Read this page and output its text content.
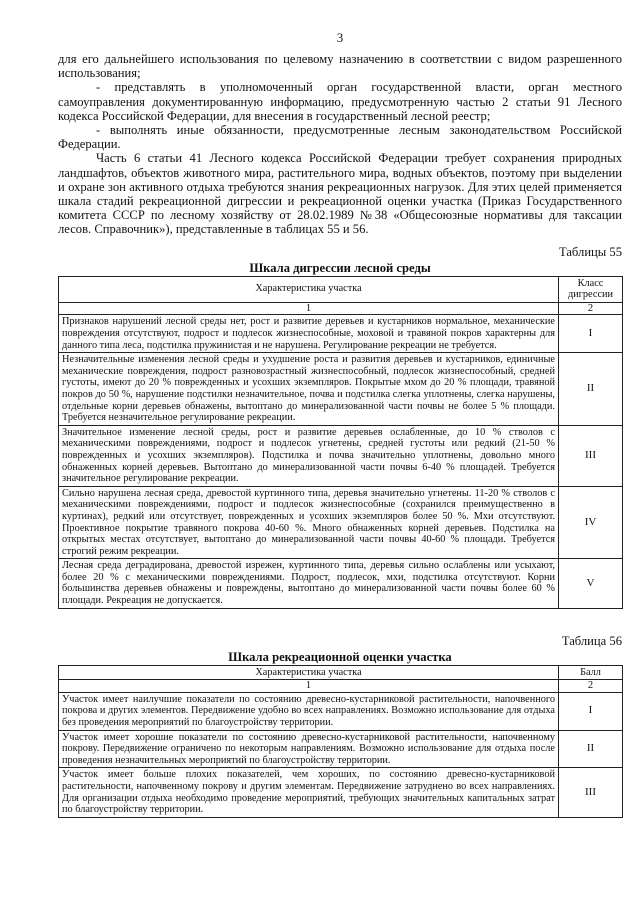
3

для его дальнейшего использования по целевому назначению в соответствии с видом разрешенного использования;

- представлять в уполномоченный орган государственной власти, орган местного самоуправления документированную информацию, предусмотренную частью 2 статьи 91 Лесного кодекса Российской Федерации, для внесения в государственный лесной реестр;

- выполнять иные обязанности, предусмотренные лесным законодательством Российской Федерации.

Часть 6 статьи 41 Лесного кодекса Российской Федерации требует сохранения природных ландшафтов, объектов животного мира, растительного мира, водных объектов, поэтому при выделении и охране зон активного отдыха требуются знания рекреационных нагрузок. Для этих целей применяется шкала стадий рекреационной дигрессии и рекреационной оценки участка (Приказ Государственного комитета СССР по лесному хозяйству от 28.02.1989 №38 «Общесоюзные нормативы для таксации лесов. Справочник»), представленные в таблицах 55 и 56.

Таблицы 55
Шкала дигрессии лесной среды
Характеристика участка	Класс дигрессии
1	2
Признаков нарушений лесной среды нет, рост и развитие деревьев и кустарников нормальное, механические повреждения отсутствуют, подрост и подлесок жизнеспособные, моховой и травяной покров характерны для данного типа леса, подстилка пружинистая и не нарушена. Регулирование рекреации не требуется.	I
Незначительные изменения лесной среды и ухудшение роста и развития деревьев и кустарников, единичные механические повреждения, подрост разновозрастный жизнеспособный, подлесок жизнеспособный, средней густоты, имеют до 20 % поврежденных и усохших экземпляров. Покрытые мхом до 20 % площади, травяной покров до 50 %, нарушение подстилки незначительное, почва и подстилка слегка уплотнены, слегка нарушены, отдельные корни деревьев обнажены, вытоптано до минерализованной части почвы не более 5 % площади. Требуется незначительное регулирование рекреации.	II
Значительное изменение лесной среды, рост и развитие деревьев ослабленные, до 10 % стволов с механическими повреждениями, подрост и подлесок угнетены, средней густоты или редкий (21-50 % поврежденных и усохших экземпляров). Подстилка и почва значительно уплотнены, довольно много обнаженных корней деревьев. Вытоптано до минерализованной части почвы 6-40 % площадей. Требуется значительное регулирование рекреации.	III
Сильно нарушена лесная среда, древостой куртинного типа, деревья значительно угнетены. 11-20 % стволов с механическими повреждениями, подрост и подлесок жизнеспособные (сохранился преимущественно в куртинах), редкий или отсутствует, поврежденных и усохших экземпляров более 50 %. Мхи отсутствуют. Проективное покрытие травяного покрова 40-60 %. Много обнаженных корней деревьев. Подстилка на открытых местах отсутствует, вытоптано до минерализованной части почвы 40-60 % площади. Требуется строгий режим рекреации.	IV
Лесная среда деградирована, древостой изрежен, куртинного типа, деревья сильно ослаблены или усыхают, более 20 % с механическими повреждениями. Подрост, подлесок, мхи, подстилка отсутствуют. Корни большинства деревьев обнажены и повреждены, вытоптано до минерализованной части почвы более 60 % площади. Рекреация не допускается.	V
Таблица 56
Шкала рекреационной оценки участка
Характеристика участка	Балл
1	2
Участок имеет наилучшие показатели по состоянию древесно-кустарниковой растительности, напочвенного покрова и других элементов. Передвижение удобно во всех направлениях. Возможно использование для отдыха без проведения мероприятий по благоустройству территории.	I
Участок имеет хорошие показатели по состоянию древесно-кустарниковой растительности, напочвенному покрову. Передвижение ограничено по некоторым направлениям. Возможно использование для отдыха после проведения незначительных мероприятий по благоустройству территории.	II
Участок имеет больше плохих показателей, чем хороших, по состоянию древесно-кустарниковой растительности, напочвенному покрову и другим элементам. Передвижение затруднено во всех направлениях. Для организации отдыха необходимо проведение мероприятий, требующих значительных капитальных затрат по благоустройству территории.	III
